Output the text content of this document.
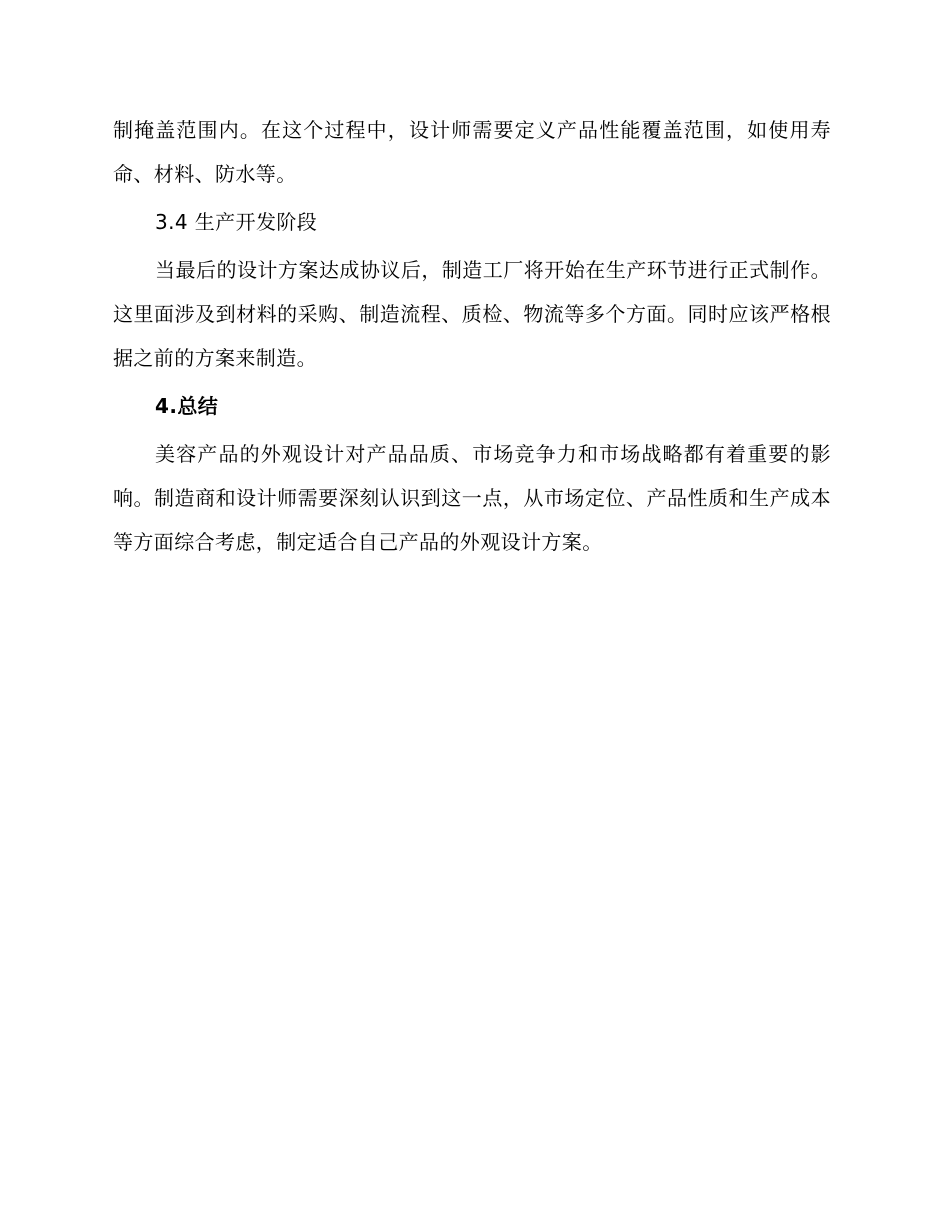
制掩盖范围内。在这个过程中，设计师需要定义产品性能覆盖范围，如使用寿命、材料、防水等。

3.4 生产开发阶段

当最后的设计方案达成协议后，制造工厂将开始在生产环节进行正式制作。这里面涉及到材料的采购、制造流程、质检、物流等多个方面。同时应该严格根据之前的方案来制造。

4.总结

美容产品的外观设计对产品品质、市场竞争力和市场战略都有着重要的影响。制造商和设计师需要深刻认识到这一点，从市场定位、产品性质和生产成本等方面综合考虑，制定适合自己产品的外观设计方案。
